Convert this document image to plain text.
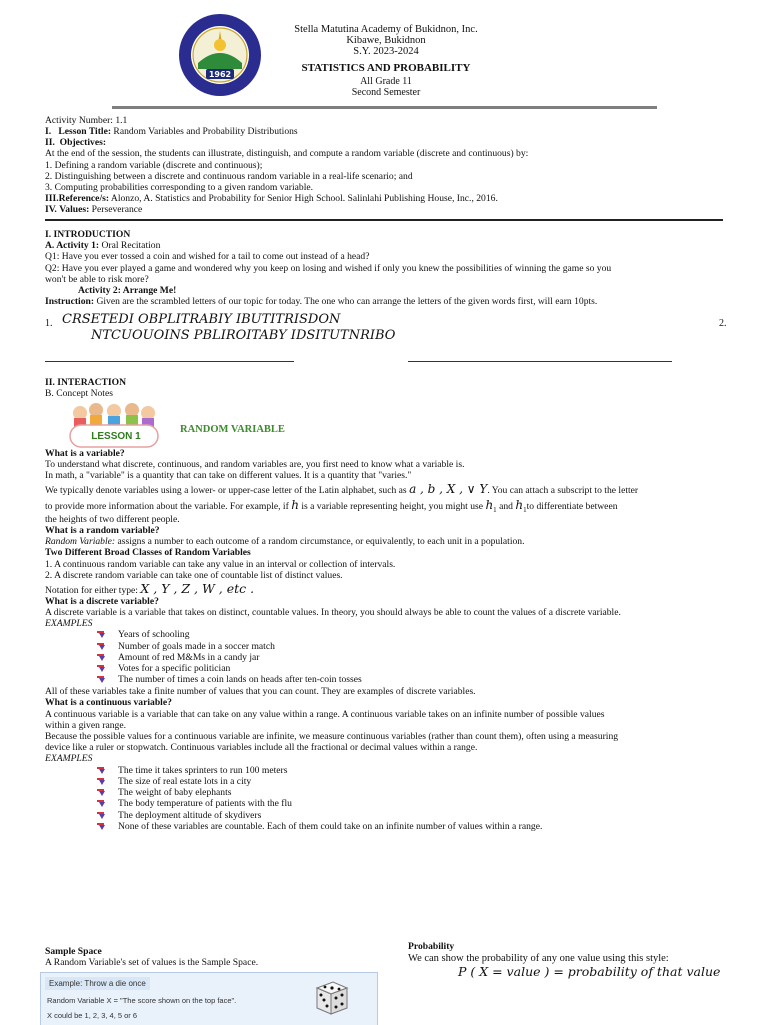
1962
Stella Matutina Academy of Bukidnon, Inc.
Kibawe, Bukidnon
S.Y. 2023-2024
STATISTICS AND PROBABILITY
All Grade 11
Second Semester
Activity Number: 1.1
I. Lesson Title: Random Variables and Probability Distributions
II. Objectives:
At the end of the session, the students can illustrate, distinguish, and compute a random variable (discrete and continuous) by:
1. Defining a random variable (discrete and continuous);
2. Distinguishing between a discrete and continuous random variable in a real-life scenario; and
3. Computing probabilities corresponding to a given random variable.
III.Reference/s: Alonzo, A. Statistics and Probability for Senior High School. Salinlahi Publishing House, Inc., 2016.
IV. Values: Perseverance
I. INTRODUCTION
A. Activity 1: Oral Recitation
Q1: Have you ever tossed a coin and wished for a tail to come out instead of a head?
Q2: Have you ever played a game and wondered why you keep on losing and wished if only you knew the possibilities of winning the game so you
won't be able to risk more?
Activity 2: Arrange Me!
Instruction: Given are the scrambled letters of our topic for today. The one who can arrange the letters of the given words first, will earn 10pts.
1. CRSETEDI OBPLITRABIY IBUTITRISDON	2.
NTCUOUOINS PBLIROITABY IDSITUTNRIBO
II. INTERACTION
B. Concept Notes
LESSON 1
RANDOM VARIABLE
What is a variable?
To understand what discrete, continuous, and random variables are, you first need to know what a variable is.
In math, a "variable" is a quantity that can take on different values. It is a quantity that "varies."
We typically denote variables using a lower- or upper-case letter of the Latin alphabet, such as a , b , X , ∨ Y. You can attach a subscript to the letter
to provide more information about the variable. For example, if h is a variable representing height, you might use $h_1$ and $h_1to$ differentiate between
the heights of two different people.
What is a random variable?
Random Variable: assigns a number to each outcome of a random circumstance, or equivalently, to each unit in a population.
Two Different Broad Classes of Random Variables
1. A continuous random variable can take any value in an interval or collection of intervals.
2. A discrete random variable can take one of countable list of distinct values.
Notation for either type: X , Y , Z , W , etc .
What is a discrete variable?
A discrete variable is a variable that takes on distinct, countable values. In theory, you should always be able to count the values of a discrete variable.
EXAMPLES
Years of schooling
Number of goals made in a soccer match
Amount of red M&Ms in a candy jar
Votes for a specific politician
The number of times a coin lands on heads after ten-coin tosses
All of these variables take a finite number of values that you can count. They are examples of discrete variables.
What is a continuous variable?
A continuous variable is a variable that can take on any value within a range. A continuous variable takes on an infinite number of possible values
within a given range.
Because the possible values for a continuous variable are infinite, we measure continuous variables (rather than count them), often using a measuring
device like a ruler or stopwatch. Continuous variables include all the fractional or decimal values within a range.
EXAMPLES
The time it takes sprinters to run 100 meters
The size of real estate lots in a city
The weight of baby elephants
The body temperature of patients with the flu
The deployment altitude of skydivers
None of these variables are countable. Each of them could take on an infinite number of values within a range.
Sample Space
A Random Variable's set of values is the Sample Space.
Example: Throw a die once
Random Variable X = "The score shown on the top face".
X could be 1, 2, 3, 4, 5 or 6
Probability
We can show the probability of any one value using this style:
P ( X = value ) = probability of that value
